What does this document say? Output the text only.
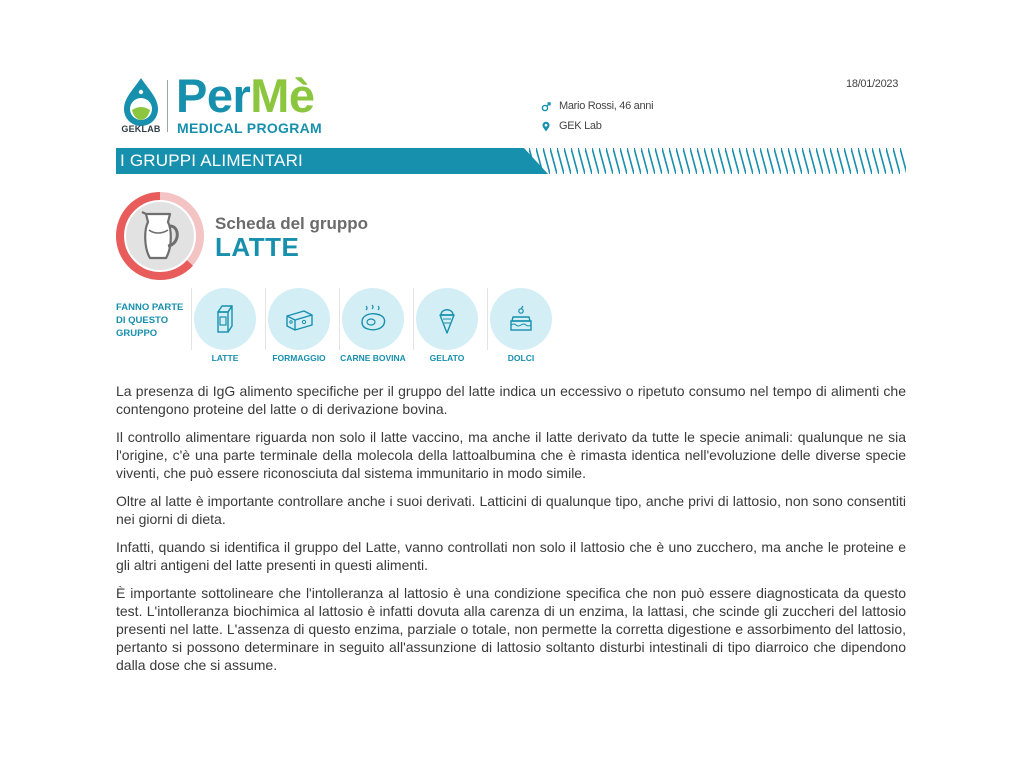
GEKLAB
PerMè
MEDICAL PROGRAM
18/01/2023
Mario Rossi, 46 anni
GEK Lab
I GRUPPI ALIMENTARI
Scheda del gruppo
LATTE
FANNO PARTE DI QUESTO GRUPPO
LATTE	FORMAGGIO	CARNE BOVINA	GELATO	DOLCI

La presenza di IgG alimento specifiche per il gruppo del latte indica un eccessivo o ripetuto consumo nel tempo di alimenti che contengono proteine del latte o di derivazione bovina.

Il controllo alimentare riguarda non solo il latte vaccino, ma anche il latte derivato da tutte le specie animali: qualunque ne sia l'origine, c'è una parte terminale della molecola della lattoalbumina che è rimasta identica nell'evoluzione delle diverse specie viventi, che può essere riconosciuta dal sistema immunitario in modo simile.

Oltre al latte è importante controllare anche i suoi derivati. Latticini di qualunque tipo, anche privi di lattosio, non sono consentiti nei giorni di dieta.

Infatti, quando si identifica il gruppo del Latte, vanno controllati non solo il lattosio che è uno zucchero, ma anche le proteine e gli altri antigeni del latte presenti in questi alimenti.

È importante sottolineare che l'intolleranza al lattosio è una condizione specifica che non può essere diagnosticata da questo test. L'intolleranza biochimica al lattosio è infatti dovuta alla carenza di un enzima, la lattasi, che scinde gli zuccheri del lattosio presenti nel latte. L'assenza di questo enzima, parziale o totale, non permette la corretta digestione e assorbimento del lattosio, pertanto si possono determinare in seguito all'assunzione di lattosio soltanto disturbi intestinali di tipo diarroico che dipendono dalla dose che si assume.
